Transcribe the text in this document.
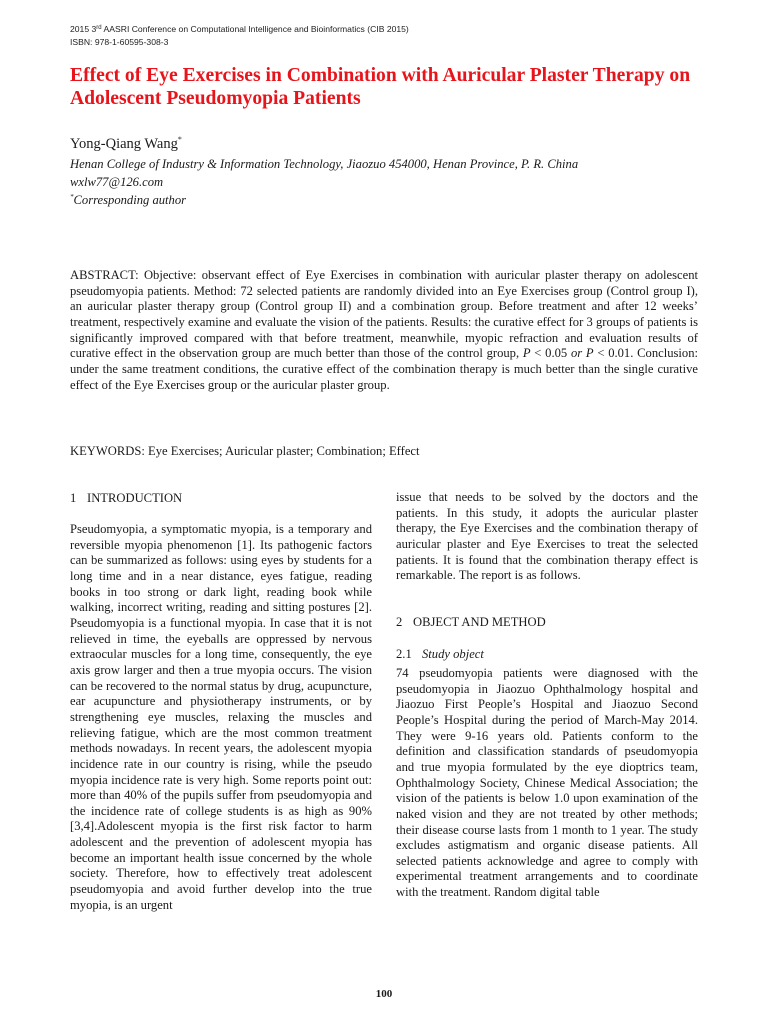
2015 3rd AASRI Conference on Computational Intelligence and Bioinformatics (CIB 2015)
ISBN: 978-1-60595-308-3
Effect of Eye Exercises in Combination with Auricular Plaster Therapy on Adolescent Pseudomyopia Patients
Yong-Qiang Wang*
Henan College of Industry & Information Technology, Jiaozuo 454000, Henan Province, P. R. China
wxlw77@126.com
*Corresponding author

ABSTRACT: Objective: observant effect of Eye Exercises in combination with auricular plaster therapy on adolescent pseudomyopia patients. Method: 72 selected patients are randomly divided into an Eye Exercises group (Control group I), an auricular plaster therapy group (Control group II) and a combination group. Before treatment and after 12 weeks’ treatment, respectively examine and evaluate the vision of the patients. Results: the curative effect for 3 groups of patients is significantly improved compared with that before treatment, meanwhile, myopic refraction and evaluation results of curative effect in the observation group are much better than those of the control group, P < 0.05 or P < 0.01. Conclusion: under the same treatment conditions, the curative effect of the combination therapy is much better than the single curative effect of the Eye Exercises group or the auricular plaster group.

KEYWORDS: Eye Exercises; Auricular plaster; Combination; Effect

1 INTRODUCTION

Pseudomyopia, a symptomatic myopia, is a temporary and reversible myopia phenomenon [1]. Its pathogenic factors can be summarized as follows: using eyes by students for a long time and in a near distance, eyes fatigue, reading books in too strong or dark light, reading book while walking, incorrect writing, reading and sitting postures [2]. Pseudomyopia is a functional myopia. In case that it is not relieved in time, the eyeballs are oppressed by nervous extraocular muscles for a long time, consequently, the eye axis grow larger and then a true myopia occurs. The vision can be recovered to the normal status by drug, acupuncture, ear acupuncture and physiotherapy instruments, or by strengthening eye muscles, relaxing the muscles and relieving fatigue, which are the most common treatment methods nowadays. In recent years, the adolescent myopia incidence rate in our country is rising, while the pseudo myopia incidence rate is very high. Some reports point out: more than 40% of the pupils suffer from pseudomyopia and the incidence rate of college students is as high as 90% [3,4].Adolescent myopia is the first risk factor to harm adolescent and the prevention of adolescent myopia has become an important health issue concerned by the whole society. Therefore, how to effectively treat adolescent pseudomyopia and avoid further develop into the true myopia, is an urgent

issue that needs to be solved by the doctors and the patients. In this study, it adopts the auricular plaster therapy, the Eye Exercises and the combination therapy of auricular plaster and Eye Exercises to treat the selected patients. It is found that the combination therapy effect is remarkable. The report is as follows.

2 OBJECT AND METHOD
2.1 Study object

74 pseudomyopia patients were diagnosed with the pseudomyopia in Jiaozuo Ophthalmology hospital and Jiaozuo First People’s Hospital and Jiaozuo Second People’s Hospital during the period of March-May 2014. They were 9-16 years old. Patients conform to the definition and classification standards of pseudomyopia and true myopia formulated by the eye dioptrics team, Ophthalmology Society, Chinese Medical Association; the vision of the patients is below 1.0 upon examination of the naked vision and they are not treated by other methods; their disease course lasts from 1 month to 1 year. The study excludes astigmatism and organic disease patients. All selected patients acknowledge and agree to comply with experimental treatment arrangements and to coordinate with the treatment. Random digital table

100
